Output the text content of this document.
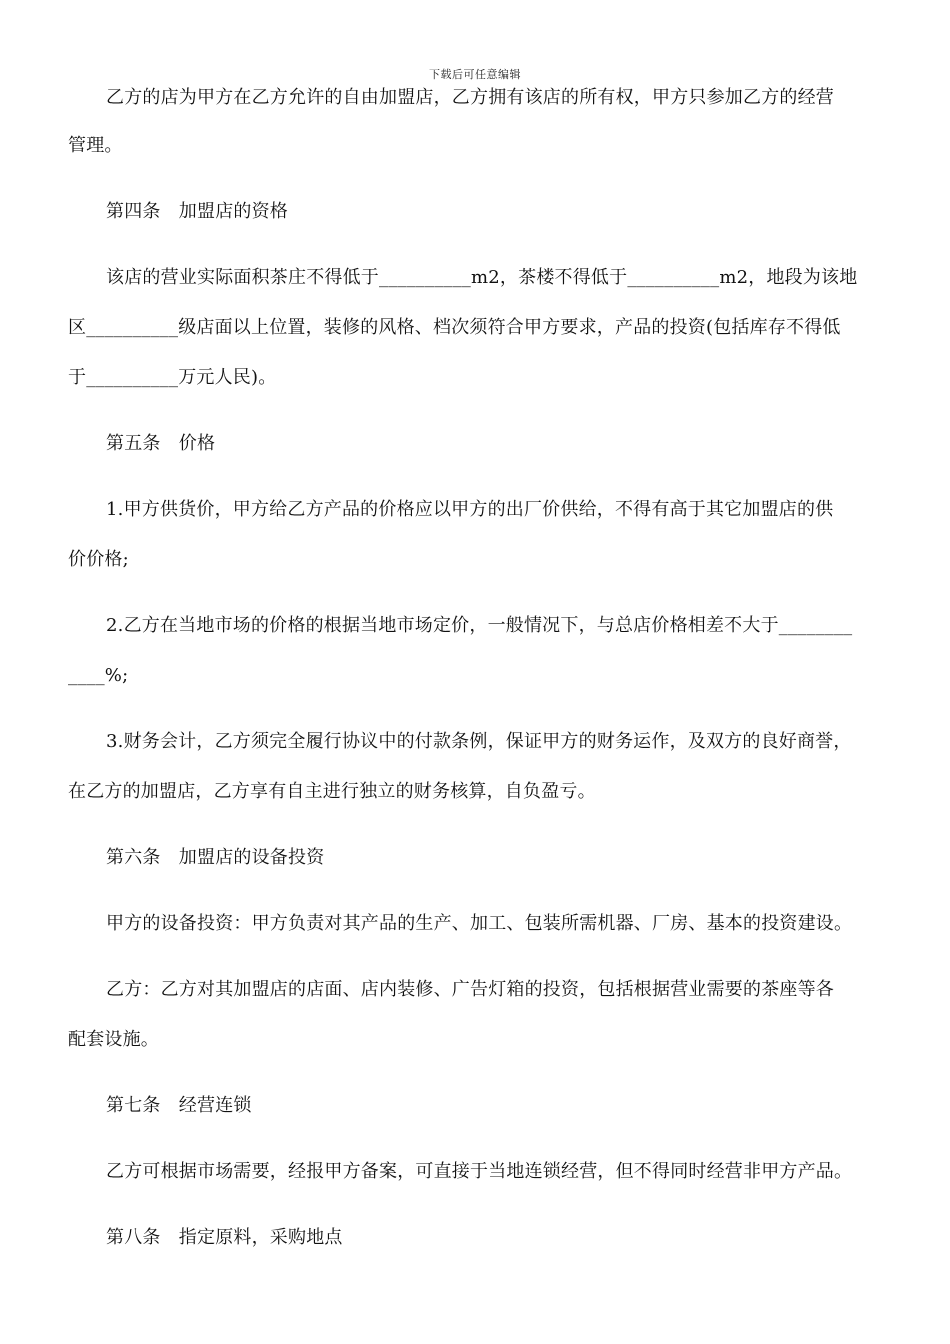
下载后可任意编辑
乙方的店为甲方在乙方允许的自由加盟店，乙方拥有该店的所有权，甲方只参加乙方的经营
管理。
第四条　加盟店的资格
该店的营业实际面积茶庄不得低于__________m2，茶楼不得低于__________m2，地段为该地
区__________级店面以上位置，装修的风格、档次须符合甲方要求，产品的投资(包括库存不得低
于__________万元人民)。
第五条　价格
1.甲方供货价，甲方给乙方产品的价格应以甲方的出厂价供给，不得有高于其它加盟店的供
价价格;
2.乙方在当地市场的价格的根据当地市场定价，一般情况下，与总店价格相差不大于________
____%;
3.财务会计，乙方须完全履行协议中的付款条例，保证甲方的财务运作，及双方的良好商誉，
在乙方的加盟店，乙方享有自主进行独立的财务核算，自负盈亏。
第六条　加盟店的设备投资
甲方的设备投资：甲方负责对其产品的生产、加工、包装所需机器、厂房、基本的投资建设。
乙方：乙方对其加盟店的店面、店内装修、广告灯箱的投资，包括根据营业需要的茶座等各
配套设施。
第七条　经营连锁
乙方可根据市场需要，经报甲方备案，可直接于当地连锁经营，但不得同时经营非甲方产品。
第八条　指定原料，采购地点
